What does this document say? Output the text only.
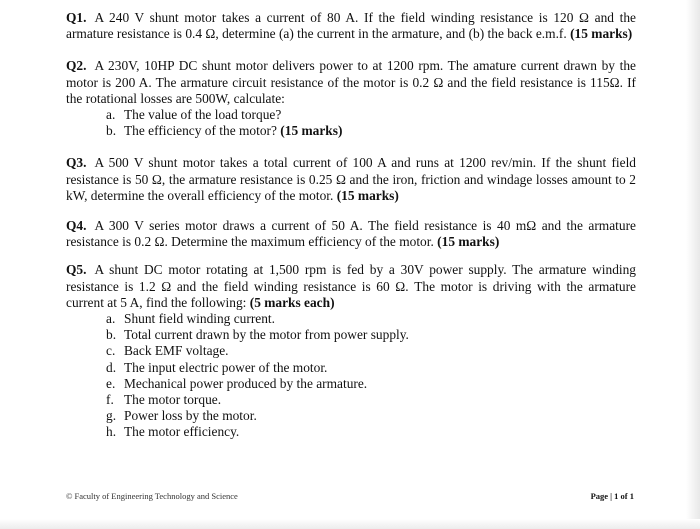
Q1. A 240 V shunt motor takes a current of 80 A. If the field winding resistance is 120 Ω and the armature resistance is 0.4 Ω, determine (a) the current in the armature, and (b) the back e.m.f. (15 marks)

Q2. A 230V, 10HP DC shunt motor delivers power to at 1200 rpm. The amature current drawn by the motor is 200 A. The armature circuit resistance of the motor is 0.2 Ω and the field resistance is 115Ω. If the rotational losses are 500W, calculate:

a. The value of the load torque?
b. The efficiency of the motor? (15 marks)

Q3. A 500 V shunt motor takes a total current of 100 A and runs at 1200 rev/min. If the shunt field resistance is 50 Ω, the armature resistance is 0.25 Ω and the iron, friction and windage losses amount to 2 kW, determine the overall efficiency of the motor. (15 marks)

Q4. A 300 V series motor draws a current of 50 A. The field resistance is 40 mΩ and the armature resistance is 0.2 Ω. Determine the maximum efficiency of the motor. (15 marks)

Q5. A shunt DC motor rotating at 1,500 rpm is fed by a 30V power supply. The armature winding resistance is 1.2 Ω and the field winding resistance is 60 Ω. The motor is driving with the armature current at 5 A, find the following: (5 marks each)

a. Shunt field winding current.
b. Total current drawn by the motor from power supply.
c. Back EMF voltage.
d. The input electric power of the motor.
e. Mechanical power produced by the armature.
f. The motor torque.
g. Power loss by the motor.
h. The motor efficiency.
© Faculty of Engineering Technology and Science	Page | 1 of 1
